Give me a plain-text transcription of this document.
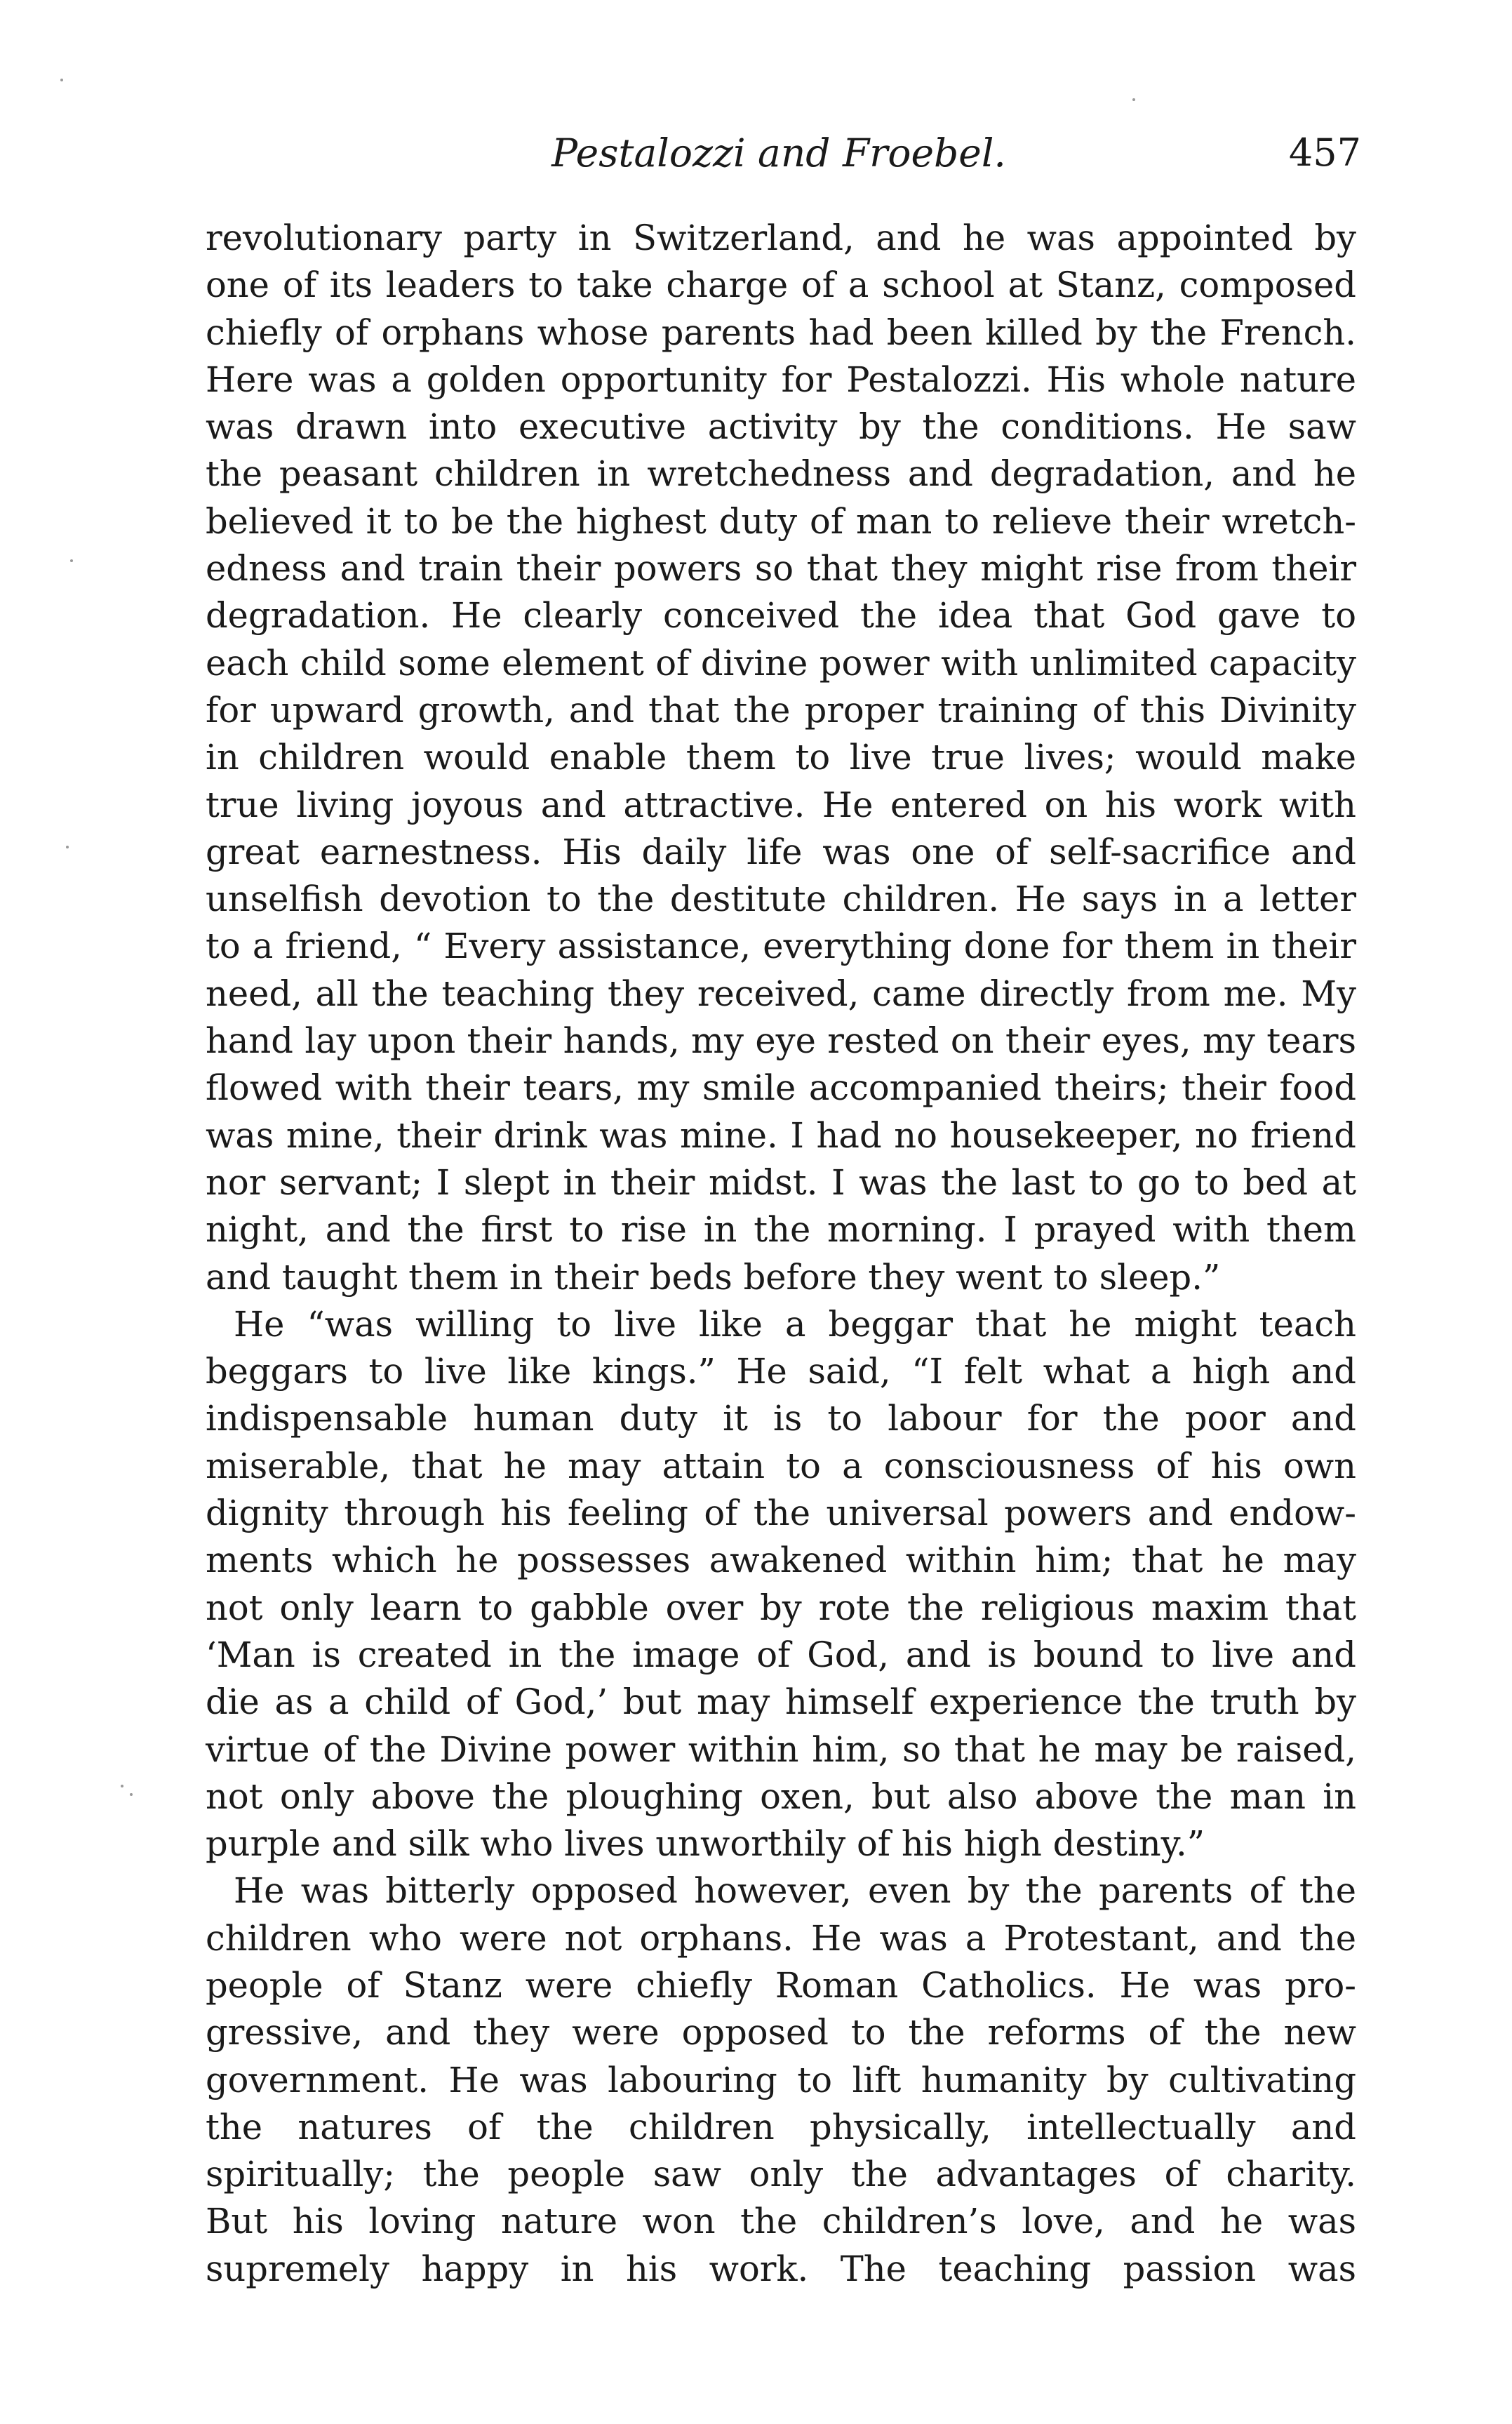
Pestalozzi and Froebel.	457
revolutionary party in Switzerland, and he was appointed by
one of its leaders to take charge of a school at Stanz, composed
chiefly of orphans whose parents had been killed by the French.
Here was a golden opportunity for Pestalozzi. His whole nature
was drawn into executive activity by the conditions. He saw
the peasant children in wretchedness and degradation, and he
believed it to be the highest duty of man to relieve their wretch-
edness and train their powers so that they might rise from their
degradation. He clearly conceived the idea that God gave to
each child some element of divine power with unlimited capacity
for upward growth, and that the proper training of this Divinity
in children would enable them to live true lives; would make
true living joyous and attractive. He entered on his work with
great earnestness. His daily life was one of self-sacrifice and
unselfish devotion to the destitute children. He says in a letter
to a friend, “ Every assistance, everything done for them in their
need, all the teaching they received, came directly from me. My
hand lay upon their hands, my eye rested on their eyes, my tears
flowed with their tears, my smile accompanied theirs; their food
was mine, their drink was mine. I had no housekeeper, no friend
nor servant; I slept in their midst. I was the last to go to bed at
night, and the first to rise in the morning. I prayed with them
and taught them in their beds before they went to sleep.”
He “was willing to live like a beggar that he might teach
beggars to live like kings.” He said, “I felt what a high and
indispensable human duty it is to labour for the poor and
miserable, that he may attain to a consciousness of his own
dignity through his feeling of the universal powers and endow-
ments which he possesses awakened within him; that he may
not only learn to gabble over by rote the religious maxim that
‘Man is created in the image of God, and is bound to live and
die as a child of God,’ but may himself experience the truth by
virtue of the Divine power within him, so that he may be raised,
not only above the ploughing oxen, but also above the man in
purple and silk who lives unworthily of his high destiny.”
He was bitterly opposed however, even by the parents of the
children who were not orphans. He was a Protestant, and the
people of Stanz were chiefly Roman Catholics. He was pro-
gressive, and they were opposed to the reforms of the new
government. He was labouring to lift humanity by cultivating
the natures of the children physically, intellectually and
spiritually; the people saw only the advantages of charity.
But his loving nature won the children’s love, and he was
supremely happy in his work. The teaching passion was
